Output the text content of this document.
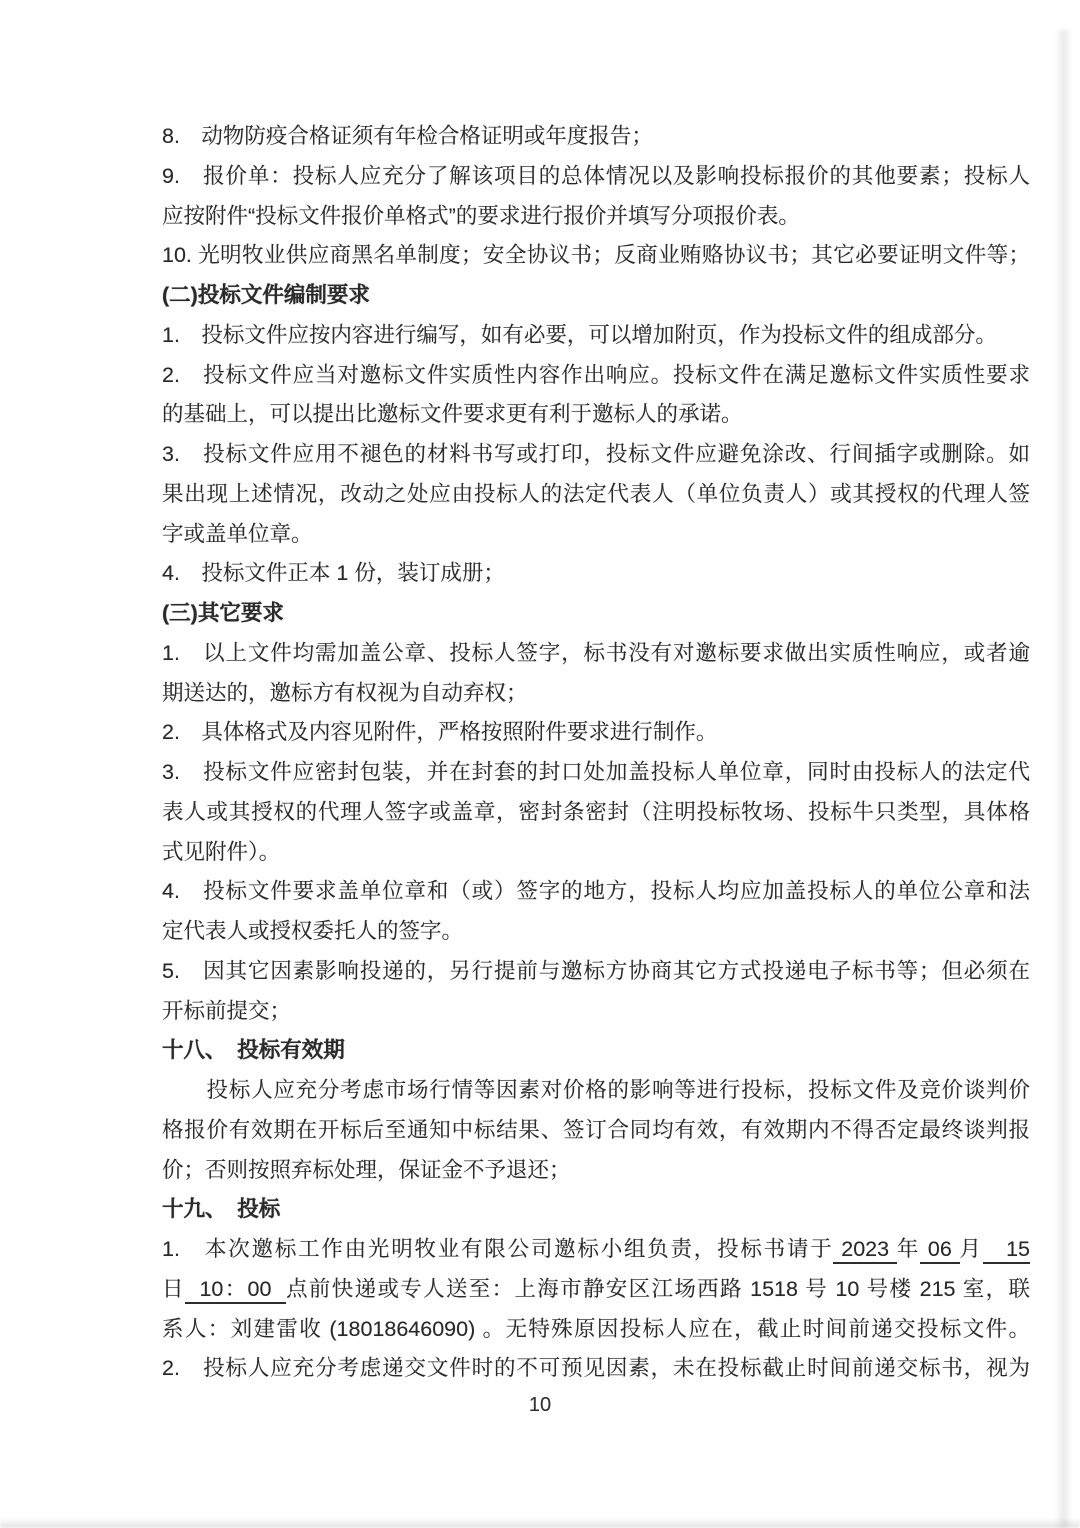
8.　动物防疫合格证须有年检合格证明或年度报告；
9.　报价单：投标人应充分了解该项目的总体情况以及影响投标报价的其他要素；投标人
应按附件“投标文件报价单格式”的要求进行报价并填写分项报价表。
10. 光明牧业供应商黑名单制度；安全协议书；反商业贿赂协议书；其它必要证明文件等；
(二)投标文件编制要求
1.　投标文件应按内容进行编写，如有必要，可以增加附页，作为投标文件的组成部分。
2.　投标文件应当对邀标文件实质性内容作出响应。投标文件在满足邀标文件实质性要求
的基础上，可以提出比邀标文件要求更有利于邀标人的承诺。
3.　投标文件应用不褪色的材料书写或打印，投标文件应避免涂改、行间插字或删除。如
果出现上述情况，改动之处应由投标人的法定代表人（单位负责人）或其授权的代理人签
字或盖单位章。
4.　投标文件正本 1 份，装订成册；
(三)其它要求
1.　以上文件均需加盖公章、投标人签字，标书没有对邀标要求做出实质性响应，或者逾
期送达的，邀标方有权视为自动弃权；
2.　具体格式及内容见附件，严格按照附件要求进行制作。
3.　投标文件应密封包装，并在封套的封口处加盖投标人单位章，同时由投标人的法定代
表人或其授权的代理人签字或盖章，密封条密封（注明投标牧场、投标牛只类型，具体格
式见附件）。
4.　投标文件要求盖单位章和（或）签字的地方，投标人均应加盖投标人的单位公章和法
定代表人或授权委托人的签字。
5.　因其它因素影响投递的，另行提前与邀标方协商其它方式投递电子标书等；但必须在
开标前提交；
十八、　投标有效期
　　投标人应充分考虑市场行情等因素对价格的影响等进行投标，投标文件及竞价谈判价
格报价有效期在开标后至通知中标结果、签订合同均有效，有效期内不得否定最终谈判报
价；否则按照弃标处理，保证金不予退还；
十九、　投标
1.　本次邀标工作由光明牧业有限公司邀标小组负责，投标书请于 2023 年 06 月   15
日  10：00  点前快递或专人送至：上海市静安区江场西路 1518 号 10 号楼 215 室，联
系人：刘建雷收 (18018646090) 。无特殊原因投标人应在，截止时间前递交投标文件。
2.　投标人应充分考虑递交文件时的不可预见因素，未在投标截止时间前递交标书，视为
10
